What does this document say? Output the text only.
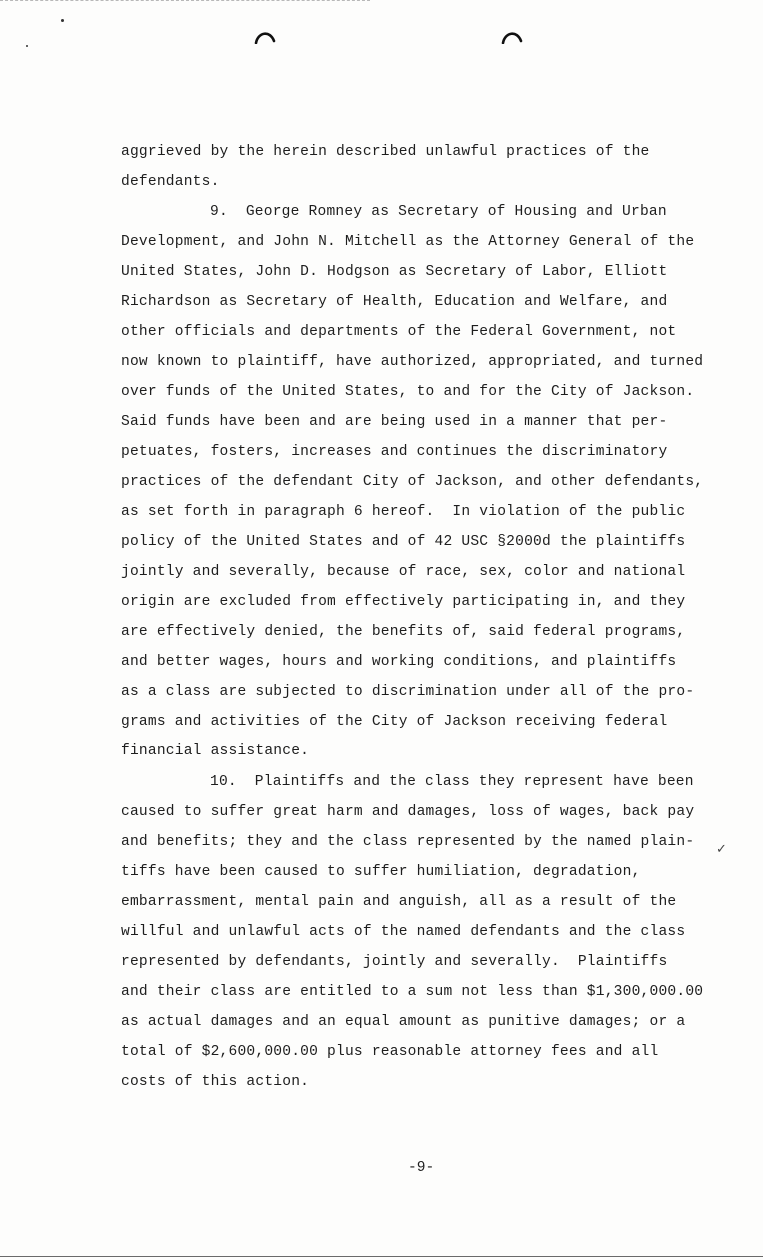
aggrieved by the herein described unlawful practices of the
defendants.
9.  George Romney as Secretary of Housing and Urban
Development, and John N. Mitchell as the Attorney General of the
United States, John D. Hodgson as Secretary of Labor, Elliott
Richardson as Secretary of Health, Education and Welfare, and
other officials and departments of the Federal Government, not
now known to plaintiff, have authorized, appropriated, and turned
over funds of the United States, to and for the City of Jackson.
Said funds have been and are being used in a manner that per-
petuates, fosters, increases and continues the discriminatory
practices of the defendant City of Jackson, and other defendants,
as set forth in paragraph 6 hereof.  In violation of the public
policy of the United States and of 42 USC §2000d the plaintiffs
jointly and severally, because of race, sex, color and national
origin are excluded from effectively participating in, and they
are effectively denied, the benefits of, said federal programs,
and better wages, hours and working conditions, and plaintiffs
as a class are subjected to discrimination under all of the pro-
grams and activities of the City of Jackson receiving federal
financial assistance.
10.  Plaintiffs and the class they represent have been
caused to suffer great harm and damages, loss of wages, back pay
and benefits; they and the class represented by the named plain-
tiffs have been caused to suffer humiliation, degradation,
embarrassment, mental pain and anguish, all as a result of the
willful and unlawful acts of the named defendants and the class
represented by defendants, jointly and severally.  Plaintiffs
and their class are entitled to a sum not less than $1,300,000.00
as actual damages and an equal amount as punitive damages; or a
total of $2,600,000.00 plus reasonable attorney fees and all
costs of this action.
✓
-9-
